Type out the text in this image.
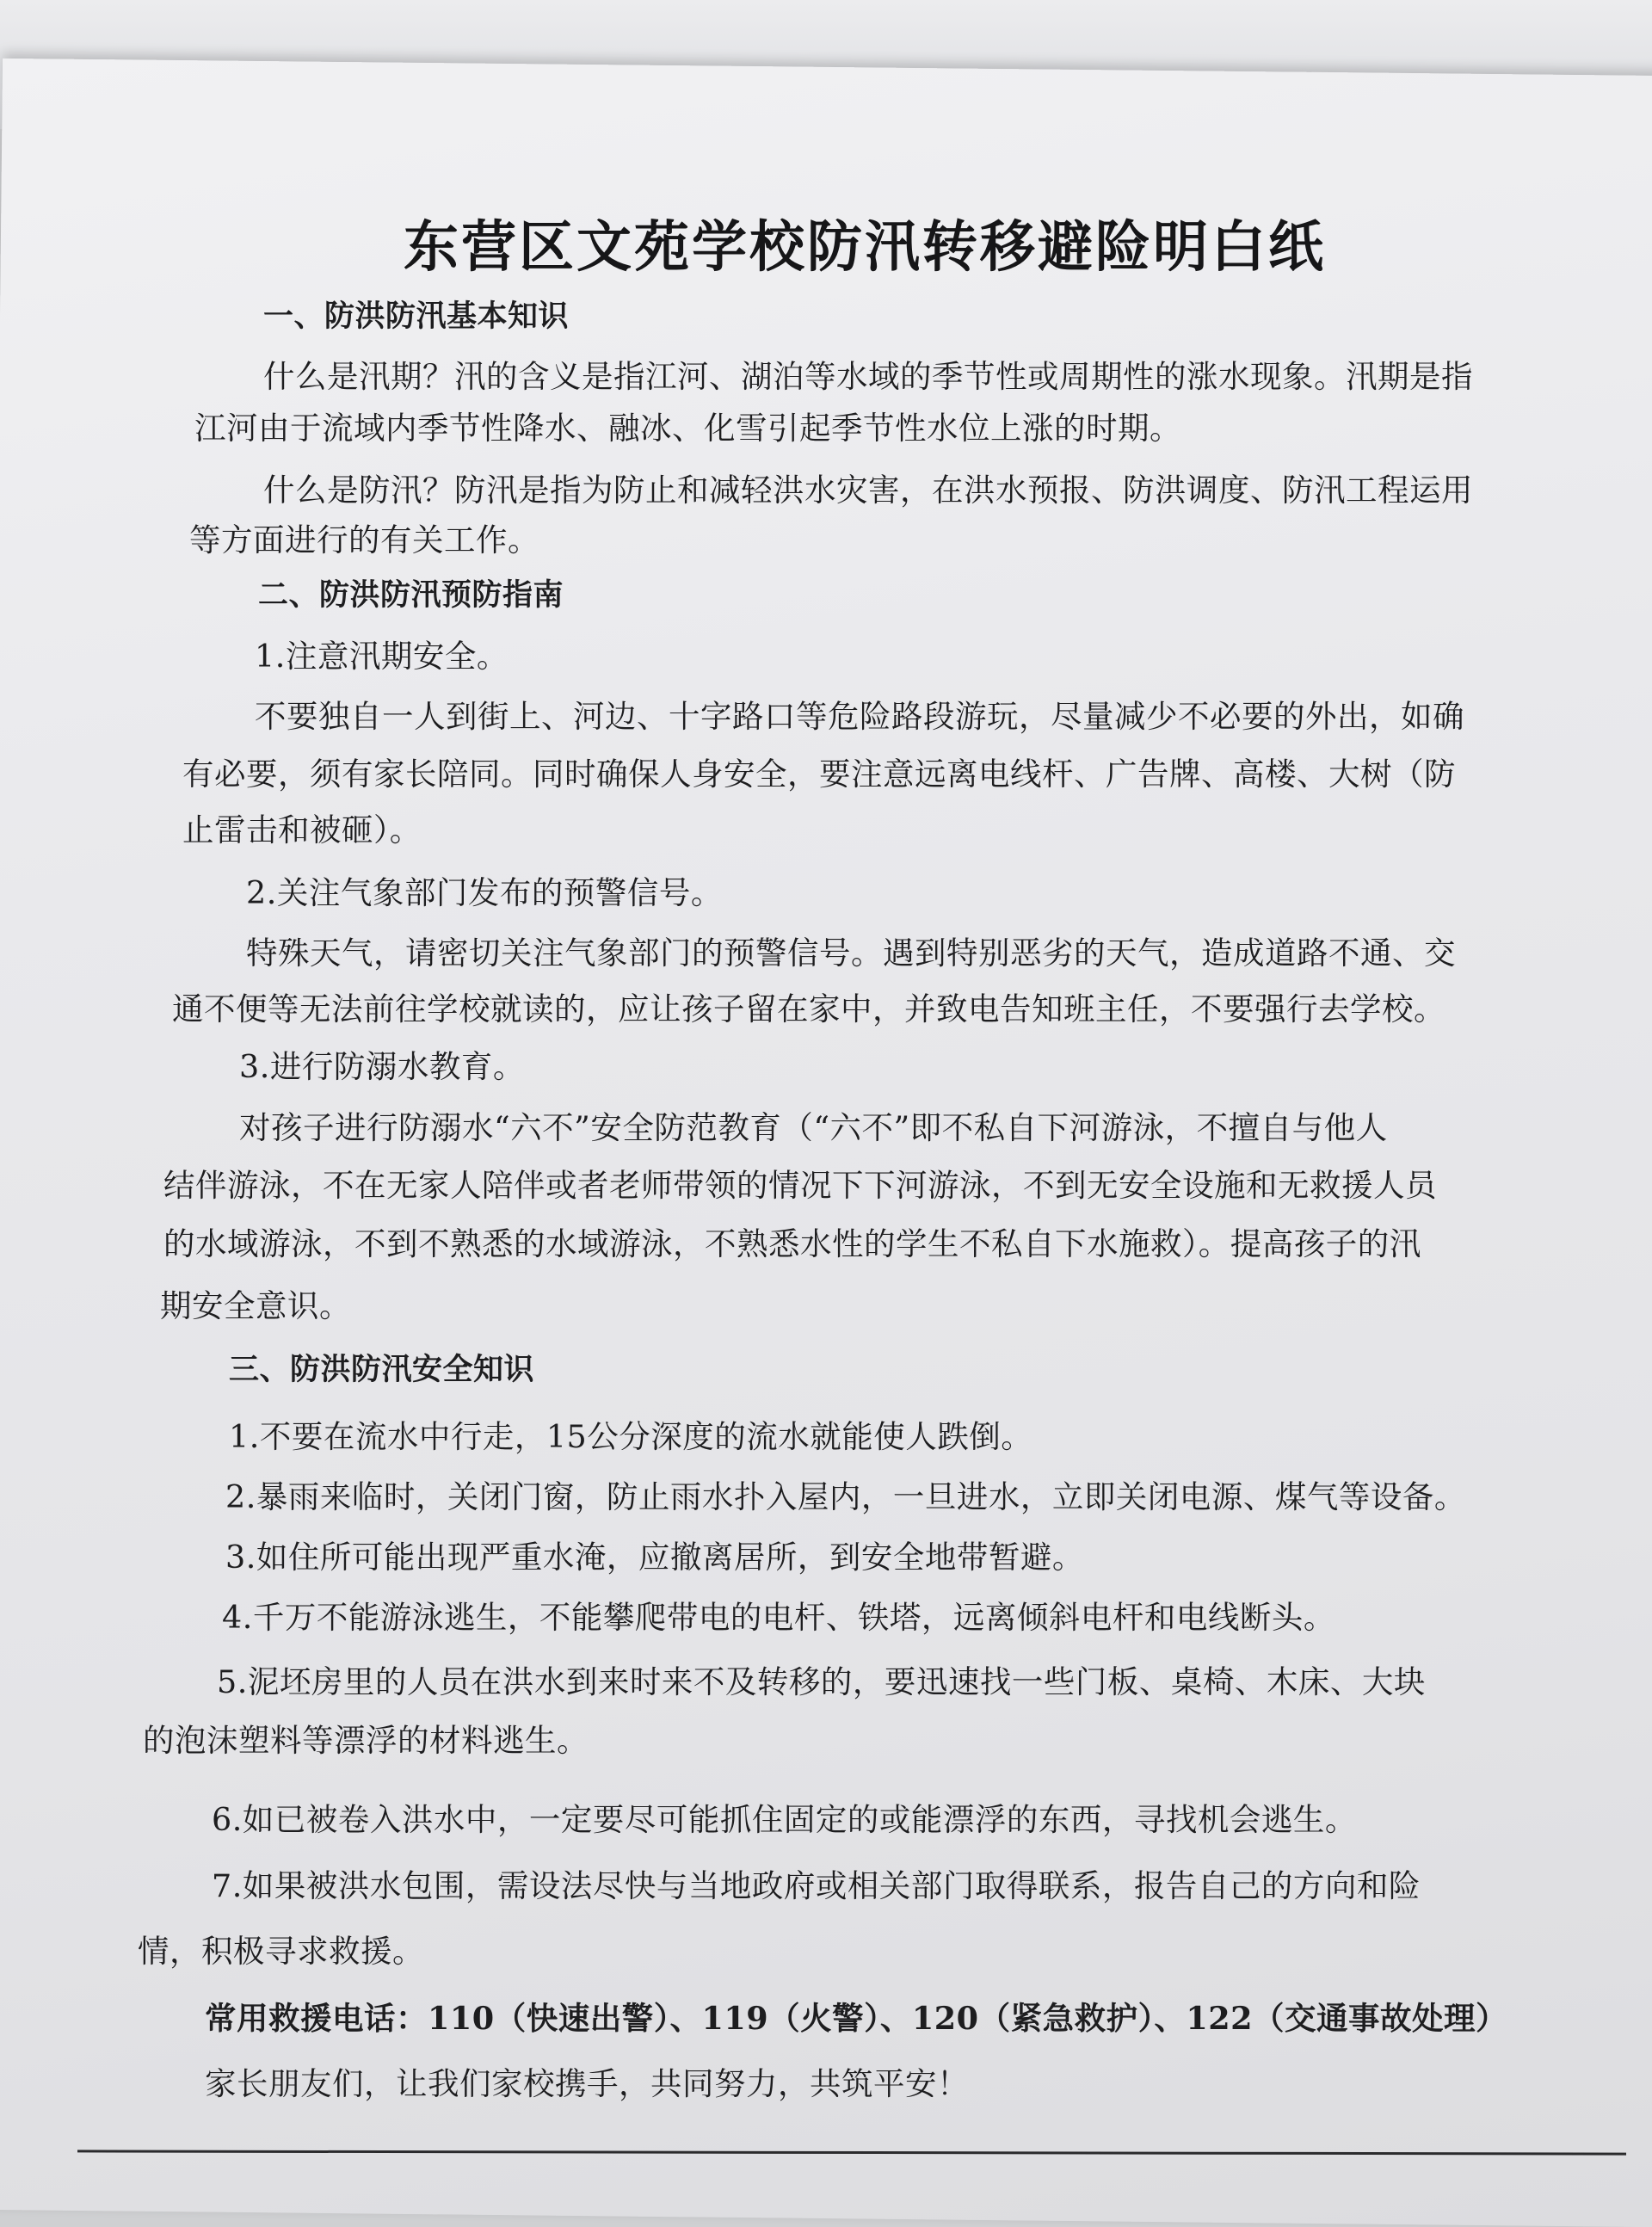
东营区文苑学校防汛转移避险明白纸
一、防洪防汛基本知识
什么是汛期？汛的含义是指江河、湖泊等水域的季节性或周期性的涨水现象。汛期是指
江河由于流域内季节性降水、融冰、化雪引起季节性水位上涨的时期。
什么是防汛？防汛是指为防止和减轻洪水灾害，在洪水预报、防洪调度、防汛工程运用
等方面进行的有关工作。
二、防洪防汛预防指南
1.注意汛期安全。
不要独自一人到街上、河边、十字路口等危险路段游玩，尽量减少不必要的外出，如确
有必要，须有家长陪同。同时确保人身安全，要注意远离电线杆、广告牌、高楼、大树（防
止雷击和被砸）。
2.关注气象部门发布的预警信号。
特殊天气，请密切关注气象部门的预警信号。遇到特别恶劣的天气，造成道路不通、交
通不便等无法前往学校就读的，应让孩子留在家中，并致电告知班主任，不要强行去学校。
3.进行防溺水教育。
对孩子进行防溺水“六不”安全防范教育（“六不”即不私自下河游泳，不擅自与他人
结伴游泳，不在无家人陪伴或者老师带领的情况下下河游泳，不到无安全设施和无救援人员
的水域游泳，不到不熟悉的水域游泳，不熟悉水性的学生不私自下水施救）。提高孩子的汛
期安全意识。
三、防洪防汛安全知识
1.不要在流水中行走，15公分深度的流水就能使人跌倒。
2.暴雨来临时，关闭门窗，防止雨水扑入屋内，一旦进水，立即关闭电源、煤气等设备。
3.如住所可能出现严重水淹，应撤离居所，到安全地带暂避。
4.千万不能游泳逃生，不能攀爬带电的电杆、铁塔，远离倾斜电杆和电线断头。
5.泥坯房里的人员在洪水到来时来不及转移的，要迅速找一些门板、桌椅、木床、大块
的泡沫塑料等漂浮的材料逃生。
6.如已被卷入洪水中，一定要尽可能抓住固定的或能漂浮的东西，寻找机会逃生。
7.如果被洪水包围，需设法尽快与当地政府或相关部门取得联系，报告自己的方向和险
情，积极寻求救援。
常用救援电话：110（快速出警）、119（火警）、120（紧急救护）、122（交通事故处理）
家长朋友们，让我们家校携手，共同努力，共筑平安！
